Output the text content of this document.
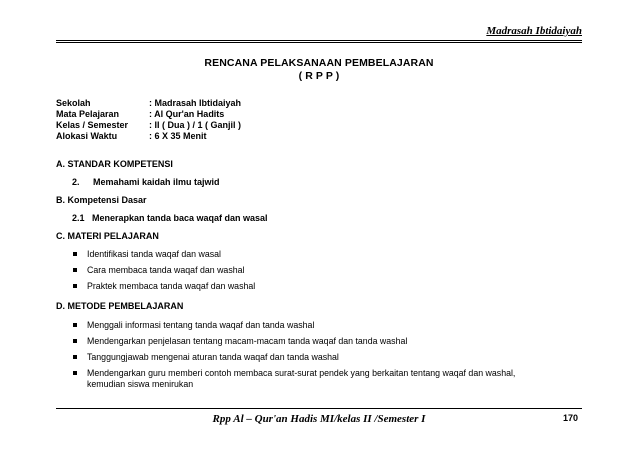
Madrasah Ibtidaiyah
RENCANA PELAKSANAAN PEMBELAJARAN
( R P P )
Sekolah	: Madrasah Ibtidaiyah
Mata Pelajaran	: Al Qur'an Hadits
Kelas / Semester	: II ( Dua ) / 1 ( Ganjil )
Alokasi Waktu	: 6 X 35 Menit
A. STANDAR KOMPETENSI
2. Memahami kaidah ilmu tajwid
B. Kompetensi Dasar
2.1 Menerapkan tanda baca waqaf dan wasal
C. MATERI PELAJARAN
Identifikasi tanda waqaf dan wasal
Cara membaca tanda waqaf dan washal
Praktek membaca tanda waqaf dan washal
D. METODE PEMBELAJARAN
Menggali informasi tentang tanda waqaf dan tanda washal
Mendengarkan penjelasan tentang macam-macam tanda waqaf dan tanda washal
Tanggungjawab mengenai aturan tanda waqaf dan tanda washal
Mendengarkan guru memberi contoh membaca surat-surat pendek yang berkaitan tentang waqaf dan washal, kemudian siswa menirukan
Rpp Al – Qur'an Hadis MI/kelas II /Semester I	170
